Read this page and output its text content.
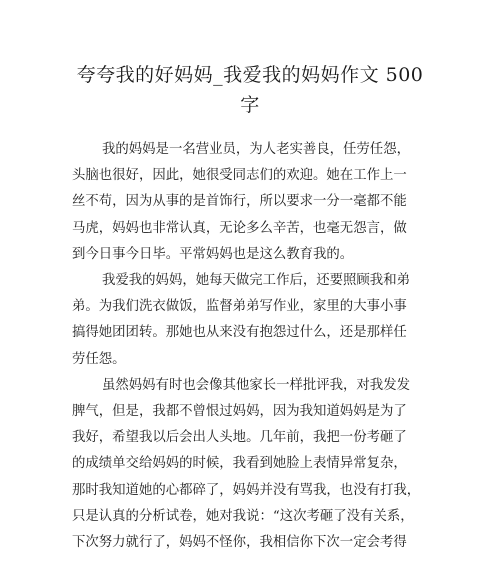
夸夸我的好妈妈_我爱我的妈妈作文 500 字
我的妈妈是一名营业员，为人老实善良，任劳任怨，
头脑也很好，因此，她很受同志们的欢迎。她在工作上一
丝不苟，因为从事的是首饰行，所以要求一分一毫都不能
马虎，妈妈也非常认真，无论多么辛苦，也毫无怨言，做
到今日事今日毕。平常妈妈也是这么教育我的。
我爱我的妈妈，她每天做完工作后，还要照顾我和弟
弟。为我们洗衣做饭，监督弟弟写作业，家里的大事小事
搞得她团团转。那她也从来没有抱怨过什么，还是那样任
劳任怨。
虽然妈妈有时也会像其他家长一样批评我，对我发发
脾气，但是，我都不曾恨过妈妈，因为我知道妈妈是为了
我好，希望我以后会出人头地。几年前，我把一份考砸了
的成绩单交给妈妈的时候，我看到她脸上表情异常复杂，
那时我知道她的心都碎了，妈妈并没有骂我，也没有打我，
只是认真的分析试卷，她对我说：“这次考砸了没有关系，
下次努力就行了，妈妈不怪你，我相信你下次一定会考得
